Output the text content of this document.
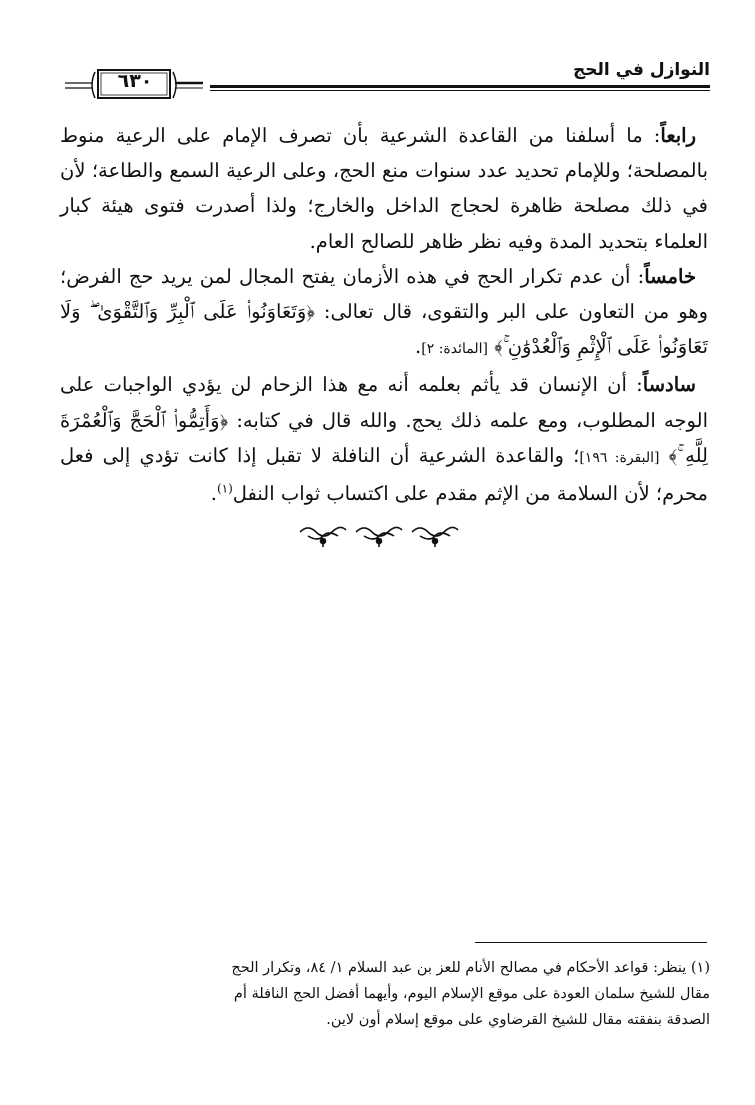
النوازل في الحج
٦٣٠

رابعاً: ما أسلفنا من القاعدة الشرعية بأن تصرف الإمام على الرعية منوط بالمصلحة؛ وللإمام تحديد عدد سنوات منع الحج، وعلى الرعية السمع والطاعة؛ لأن في ذلك مصلحة ظاهرة لحجاج الداخل والخارج؛ ولذا أصدرت فتوى هيئة كبار العلماء بتحديد المدة وفيه نظر ظاهر للصالح العام.

خامساً: أن عدم تكرار الحج في هذه الأزمان يفتح المجال لمن يريد حج الفرض؛ وهو من التعاون على البر والتقوى، قال تعالى: ﴿وَتَعَاوَنُوا۟ عَلَى ٱلْبِرِّ وَٱلتَّقْوَىٰ ۖ وَلَا تَعَاوَنُوا۟ عَلَى ٱلْإِثْمِ وَٱلْعُدْوَٰنِ ۚ﴾ [المائدة: ٢].

سادساً: أن الإنسان قد يأثم بعلمه أنه مع هذا الزحام لن يؤدي الواجبات على الوجه المطلوب، ومع علمه ذلك يحج. والله قال في كتابه: ﴿وَأَتِمُّوا۟ ٱلْحَجَّ وَٱلْعُمْرَةَ لِلَّهِ ۚ﴾ [البقرة: ١٩٦]؛ والقاعدة الشرعية أن النافلة لا تقبل إذا كانت تؤدي إلى فعل محرم؛ لأن السلامة من الإثم مقدم على اكتساب ثواب النفل$^{(١)}$.

(١) ينظر: قواعد الأحكام في مصالح الأنام للعز بن عبد السلام ١/ ٨٤، وتكرار الحج

مقال للشيخ سلمان العودة على موقع الإسلام اليوم، وأيهما أفضل الحج النافلة أم

الصدقة بنفقته مقال للشيخ القرضاوي على موقع إسلام أون لاين.
